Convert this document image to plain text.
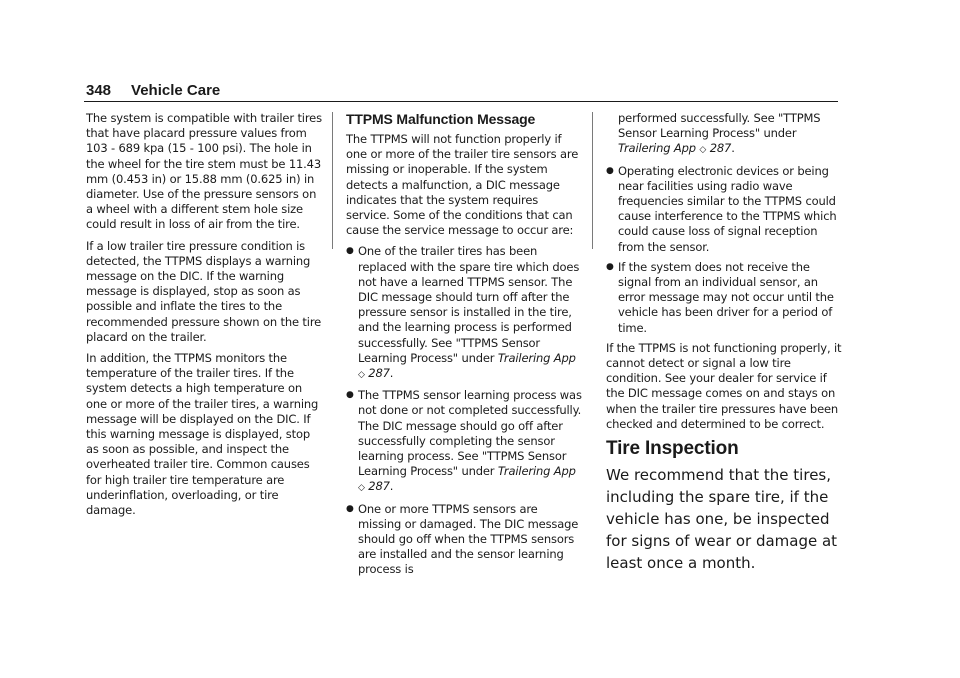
348 Vehicle Care

The system is compatible with trailer tires that have placard pressure values from 103 - 689 kpa (15 - 100 psi). The hole in the wheel for the tire stem must be 11.43 mm (0.453 in) or 15.88 mm (0.625 in) in diameter. Use of the pressure sensors on a wheel with a different stem hole size could result in loss of air from the tire.

If a low trailer tire pressure condition is detected, the TTPMS displays a warning message on the DIC. If the warning message is displayed, stop as soon as possible and inflate the tires to the recommended pressure shown on the tire placard on the trailer.

In addition, the TTPMS monitors the temperature of the trailer tires. If the system detects a high temperature on one or more of the trailer tires, a warning message will be displayed on the DIC. If this warning message is displayed, stop as soon as possible, and inspect the overheated trailer tire. Common causes for high trailer tire temperature are underinflation, overloading, or tire damage.

TTPMS Malfunction Message

The TTPMS will not function properly if one or more of the trailer tire sensors are missing or inoperable. If the system detects a malfunction, a DIC message indicates that the system requires service. Some of the conditions that can cause the service message to occur are:

● One of the trailer tires has been replaced with the spare tire which does not have a learned TTPMS sensor. The DIC message should turn off after the pressure sensor is installed in the tire, and the learning process is performed successfully. See "TTPMS Sensor Learning Process" under Trailering App ◇ 287.
● The TTPMS sensor learning process was not done or not completed successfully. The DIC message should go off after successfully completing the sensor learning process. See "TTPMS Sensor Learning Process" under Trailering App ◇ 287.
● One or more TTPMS sensors are missing or damaged. The DIC message should go off when the TTPMS sensors are installed and the sensor learning process is
performed successfully. See "TTPMS Sensor Learning Process" under Trailering App ◇ 287.
● Operating electronic devices or being near facilities using radio wave frequencies similar to the TTPMS could cause interference to the TTPMS which could cause loss of signal reception from the sensor.
● If the system does not receive the signal from an individual sensor, an error message may not occur until the vehicle has been driver for a period of time.

If the TTPMS is not functioning properly, it cannot detect or signal a low tire condition. See your dealer for service if the DIC message comes on and stays on when the trailer tire pressures have been checked and determined to be correct.

Tire Inspection

We recommend that the tires, including the spare tire, if the vehicle has one, be inspected for signs of wear or damage at least once a month.
